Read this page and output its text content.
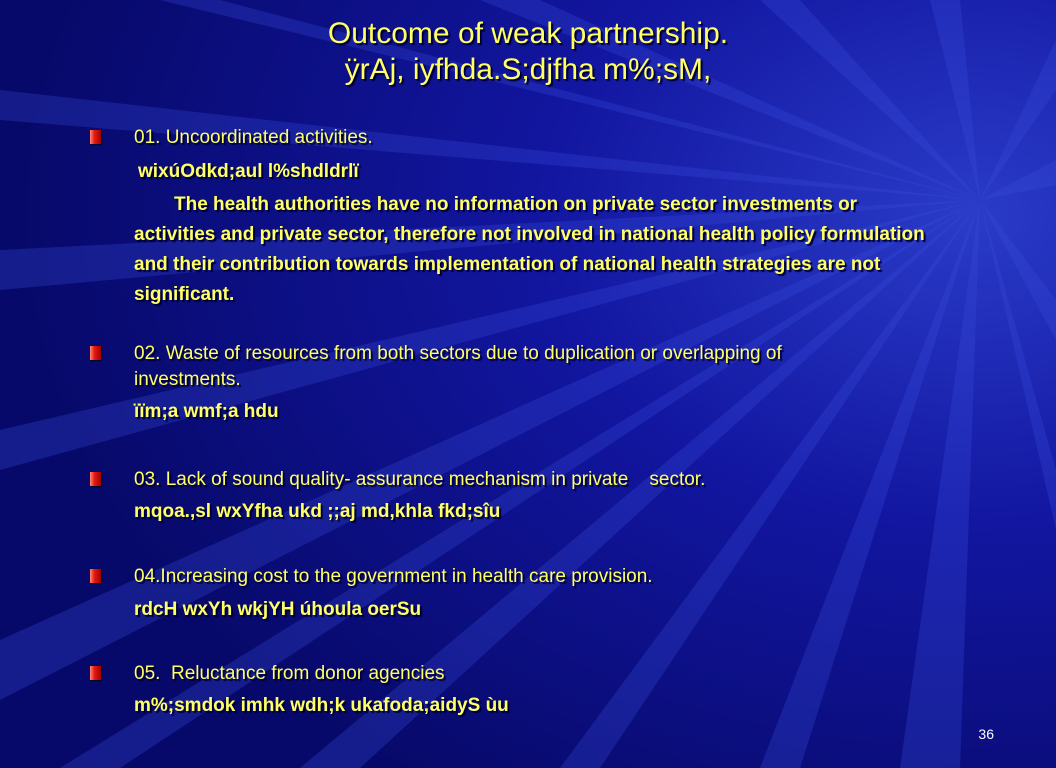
Outcome of weak partnership.
ÿrAj, iyfhda.S;djfha m%;sM,
01. Uncoordinated activities.
wixúOdkd;aul l%shdldrlï
The health authorities have no information on private sector investments or activities and private sector, therefore not involved in national health policy formulation and their contribution towards implementation of national health strategies are not significant.
02. Waste of resources from both sectors due to duplication or overlapping of
investments.
ïïm;a wmf;a hdu
03. Lack of sound quality- assurance mechanism in private    sector.
mqoa.,sl wxYfha ukd ;;aj md,khla fkd;sîu
04.Increasing cost to the government in health care provision.
rdcH wxYh wkjYH úhoula oerSu
05.  Reluctance from donor agencies
m%;smdok imhk wdh;k ukafoda;aidyS ùu
36
